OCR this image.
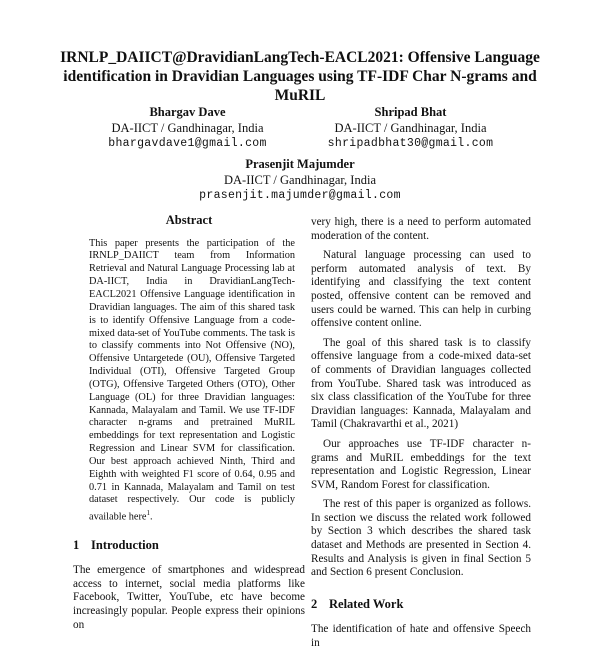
IRNLP_DAIICT@DravidianLangTech-EACL2021: Offensive Language identification in Dravidian Languages using TF-IDF Char N-grams and MuRIL
Bhargav Dave
DA-IICT / Gandhinagar, India
bhargavdave1@gmail.com
Shripad Bhat
DA-IICT / Gandhinagar, India
shripadbhat30@gmail.com
Prasenjit Majumder
DA-IICT / Gandhinagar, India
prasenjit.majumder@gmail.com
Abstract

This paper presents the participation of the IRNLP_DAIICT team from Information Retrieval and Natural Language Processing lab at DA-IICT, India in DravidianLangTech-EACL2021 Offensive Language identification in Dravidian languages. The aim of this shared task is to identify Offensive Language from a code-mixed data-set of YouTube comments. The task is to classify comments into Not Offensive (NO), Offensive Untargetede (OU), Offensive Targeted Individual (OTI), Offensive Targeted Group (OTG), Offensive Targeted Others (OTO), Other Language (OL) for three Dravidian languages: Kannada, Malayalam and Tamil. We use TF-IDF character n-grams and pretrained MuRIL embeddings for text representation and Logistic Regression and Linear SVM for classification. Our best approach achieved Ninth, Third and Eighth with weighted F1 score of 0.64, 0.95 and 0.71 in Kannada, Malayalam and Tamil on test dataset respectively. Our code is publicly available here$^1$.

1 Introduction

The emergence of smartphones and widespread access to internet, social media platforms like Facebook, Twitter, YouTube, etc have become increasingly popular. People express their opinions on

very high, there is a need to perform automated moderation of the content.

Natural language processing can used to perform automated analysis of text. By identifying and classifying the text content posted, offensive content can be removed and users could be warned. This can help in curbing offensive content online.

The goal of this shared task is to classify offensive language from a code-mixed data-set of comments of Dravidian languages collected from YouTube. Shared task was introduced as six class classification of the YouTube for three Dravidian languages: Kannada, Malayalam and Tamil (Chakravarthi et al., 2021)

Our approaches use TF-IDF character n-grams and MuRIL embeddings for the text representation and Logistic Regression, Linear SVM, Random Forest for classification.

The rest of this paper is organized as follows. In section we discuss the related work followed by Section 3 which describes the shared task dataset and Methods are presented in Section 4. Results and Analysis is given in final Section 5 and Section 6 present Conclusion.

2 Related Work

The identification of hate and offensive Speech in
